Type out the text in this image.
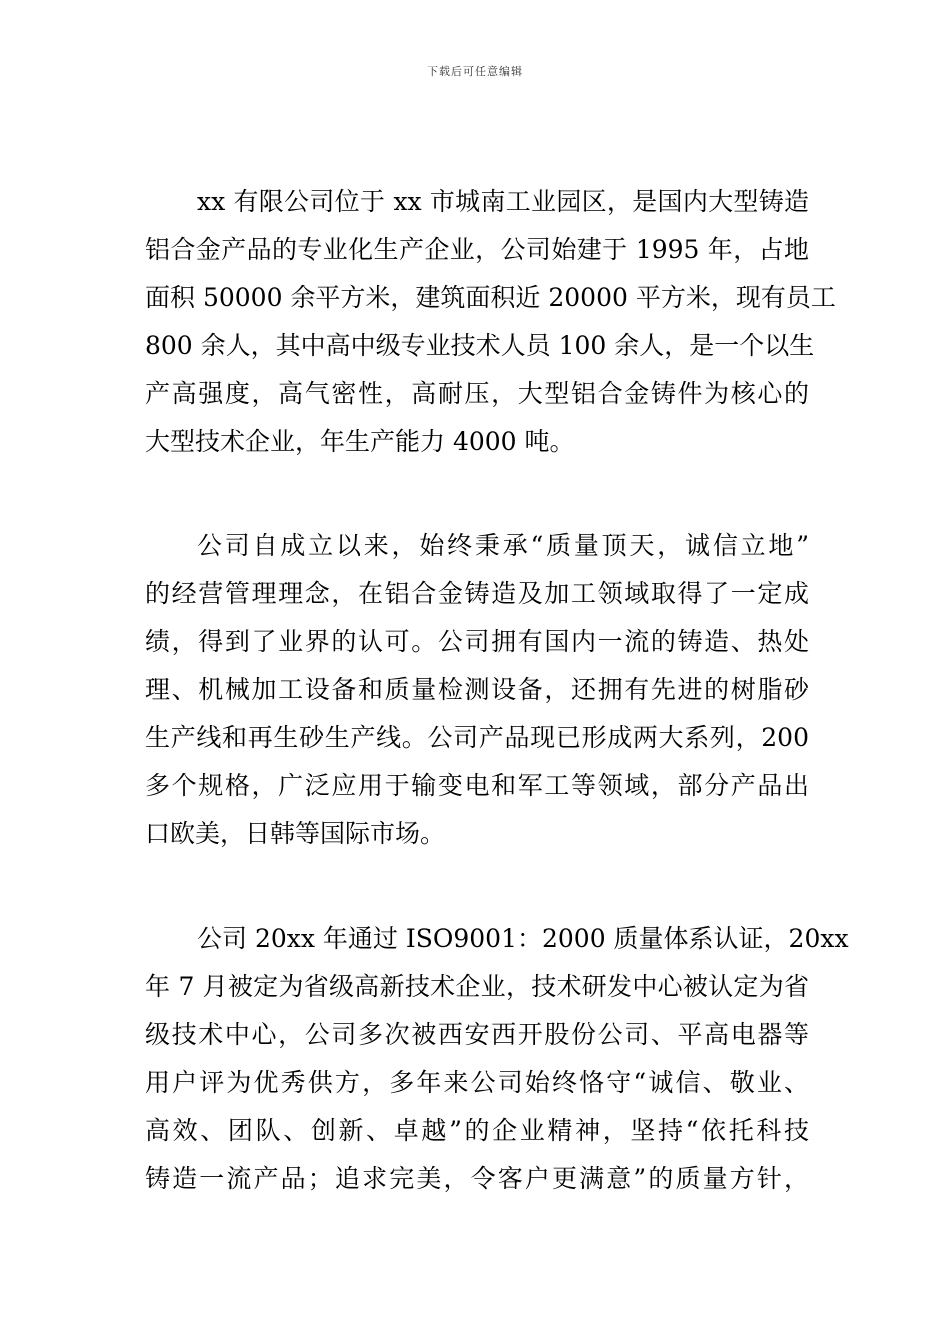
下载后可任意编辑

xx 有限公司位于 xx 市城南工业园区，是国内大型铸造
铝合金产品的专业化生产企业，公司始建于 1995 年，占地
面积 50000 余平方米，建筑面积近 20000 平方米，现有员工
800 余人，其中高中级专业技术人员 100 余人，是一个以生
产高强度，高气密性，高耐压，大型铝合金铸件为核心的
大型技术企业，年生产能力 4000 吨。

公司自成立以来，始终秉承“质量顶天，诚信立地”
的经营管理理念，在铝合金铸造及加工领域取得了一定成
绩，得到了业界的认可。公司拥有国内一流的铸造、热处
理、机械加工设备和质量检测设备，还拥有先进的树脂砂
生产线和再生砂生产线。公司产品现已形成两大系列，200
多个规格，广泛应用于输变电和军工等领域，部分产品出
口欧美，日韩等国际市场。

公司 20xx 年通过 ISO9001：2000 质量体系认证，20xx
年 7 月被定为省级高新技术企业，技术研发中心被认定为省
级技术中心，公司多次被西安西开股份公司、平高电器等
用户评为优秀供方，多年来公司始终恪守“诚信、敬业、
高效、团队、创新、卓越”的企业精神，坚持“依托科技
铸造一流产品；追求完美，令客户更满意”的质量方针，
